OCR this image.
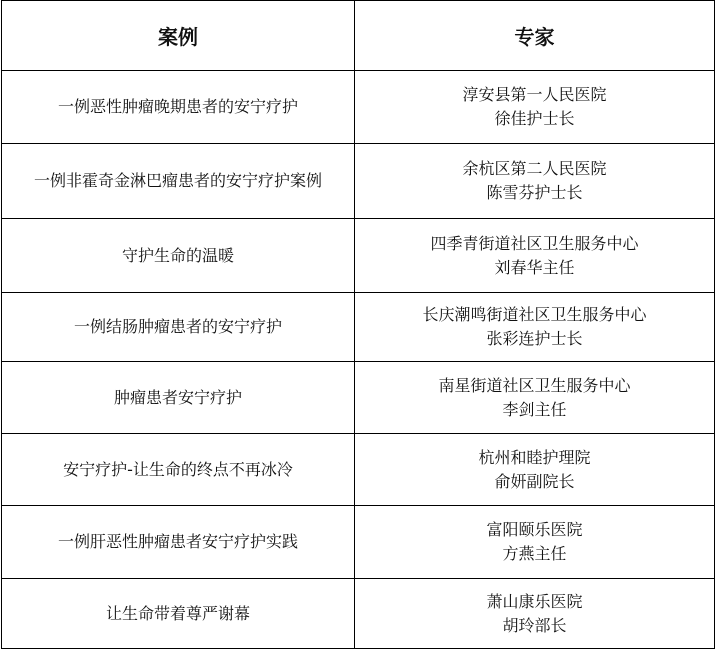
案例	专家
一例恶性肿瘤晚期患者的安宁疗护	淳安县第一人民医院
徐佳护士长

一例非霍奇金淋巴瘤患者的安宁疗护案例	余杭区第二人民医院
陈雪芬护士长

守护生命的温暖	四季青街道社区卫生服务中心
刘春华主任

一例结肠肿瘤患者的安宁疗护	长庆潮鸣街道社区卫生服务中心
张彩连护士长

肿瘤患者安宁疗护	南星街道社区卫生服务中心
李剑主任

安宁疗护-让生命的终点不再冰冷	杭州和睦护理院
俞妍副院长

一例肝恶性肿瘤患者安宁疗护实践	富阳颐乐医院
方燕主任

让生命带着尊严谢幕	萧山康乐医院
胡玲部长
